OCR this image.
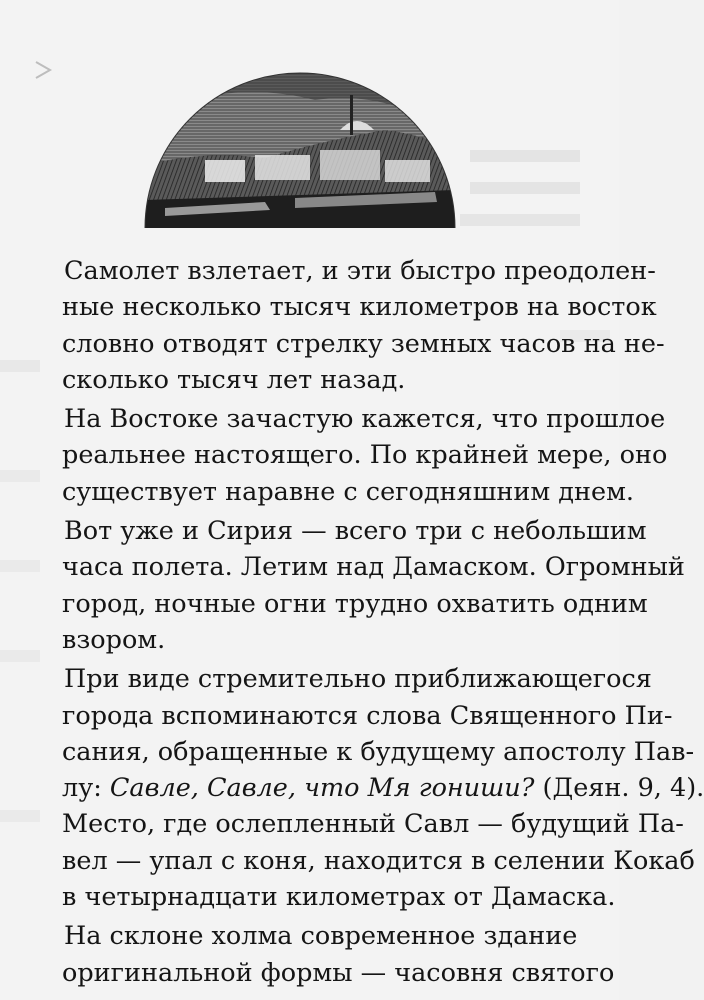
Самолет взлетает, и эти быстро преодолен-
ные несколько тысяч километров на восток
словно отводят стрелку земных часов на не-
сколько тысяч лет назад.

На Востоке зачастую кажется, что прошлое
реальнее настоящего. По крайней мере, оно
существует наравне с сегодняшним днем.

Вот уже и Сирия — всего три с небольшим
часа полета. Летим над Дамаском. Огромный
город, ночные огни трудно охватить одним
взором.

При виде стремительно приближающегося
города вспоминаются слова Священного Пи-
сания, обращенные к будущему апостолу Пав-
лу: Савле, Савле, что Мя гониши? (Деян. 9, 4).
Место, где ослепленный Савл — будущий Па-
вел — упал с коня, находится в селении Кокаб
в четырнадцати километрах от Дамаска.

На склоне холма современное здание
оригинальной формы — часовня святого
